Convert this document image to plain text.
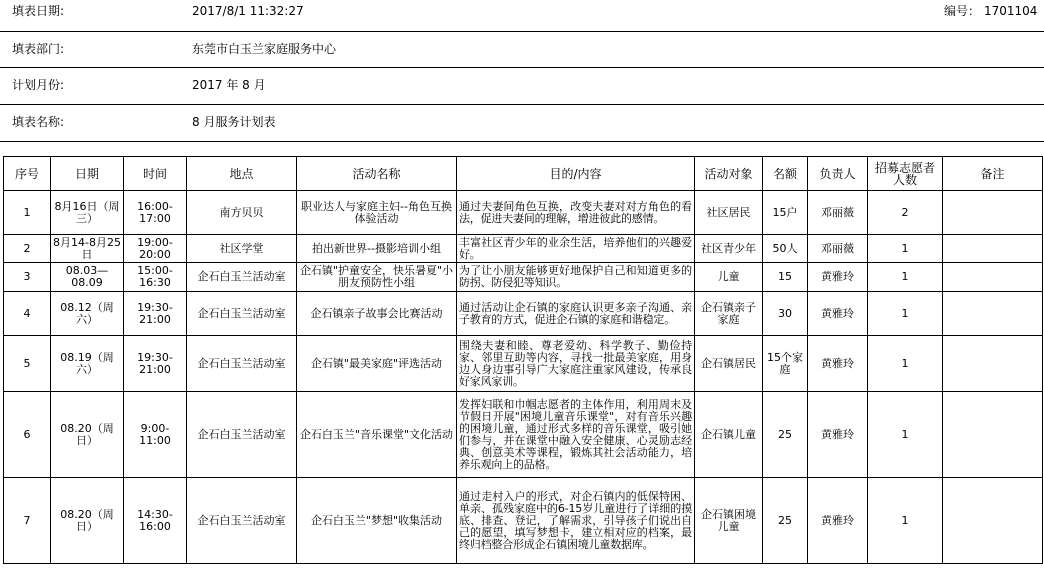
填表日期:	2017/8/1 11:32:27	编号： 1701104
填表部门:	东莞市白玉兰家庭服务中心
计划月份:	2017 年 8 月
填表名称:	8 月服务计划表
序号	日期	时间	地点	活动名称	目的/内容	活动对象	名额	负责人	招募志愿者人数	备注
1	8月16日（周三）	16:00-17:00	南方贝贝	职业达人与家庭主妇--角色互换体验活动	通过夫妻间角色互换，改变夫妻对对方角色的看法，促进夫妻间的理解，增进彼此的感情。	社区居民	15户	邓丽薇	2	
2	8月14-8月25日	19:00-20:00	社区学堂	拍出新世界--摄影培训小组	丰富社区青少年的业余生活，培养他们的兴趣爱好。	社区青少年	50人	邓丽薇	1	
3	08.03—08.09	15:00-16:30	企石白玉兰活动室	企石镇"护童安全，快乐暑夏"小朋友预防性小组	为了让小朋友能够更好地保护自己和知道更多的防拐、防侵犯等知识。	儿童	15	黄雅玲	1	
4	08.12（周六）	19:30-21:00	企石白玉兰活动室	企石镇亲子故事会比赛活动	通过活动让企石镇的家庭认识更多亲子沟通、亲子教育的方式，促进企石镇的家庭和谐稳定。	企石镇亲子家庭	30	黄雅玲	1	
5	08.19（周六）	19:30-21:00	企石白玉兰活动室	企石镇"最美家庭"评选活动	围绕夫妻和睦、尊老爱幼、科学教子、勤俭持家、邻里互助等内容，寻找一批最美家庭，用身边人身边事引导广大家庭注重家风建设，传承良好家风家训。	企石镇居民	15个家庭	黄雅玲	1	
6	08.20（周日）	9:00-11:00	企石白玉兰活动室	企石白玉兰"音乐课堂"文化活动	发挥妇联和巾帼志愿者的主体作用，利用周末及节假日开展"困境儿童音乐课堂"，对有音乐兴趣的困境儿童，通过形式多样的音乐课堂，吸引她们参与，并在课堂中融入安全健康、心灵励志经典、创意美术等课程，锻炼其社会活动能力，培养乐观向上的品格。	企石镇儿童	25	黄雅玲	1	
7	08.20（周日）	14:30-16:00	企石白玉兰活动室	企石白玉兰"梦想"收集活动	通过走村入户的形式，对企石镇内的低保特困、单亲、孤残家庭中的6-15岁儿童进行了详细的摸底、排查、登记，了解需求，引导孩子们说出自己的愿望，填写梦想卡，建立相对应的档案，最终归档整合形成企石镇困境儿童数据库。	企石镇困境儿童	25	黄雅玲	1	
